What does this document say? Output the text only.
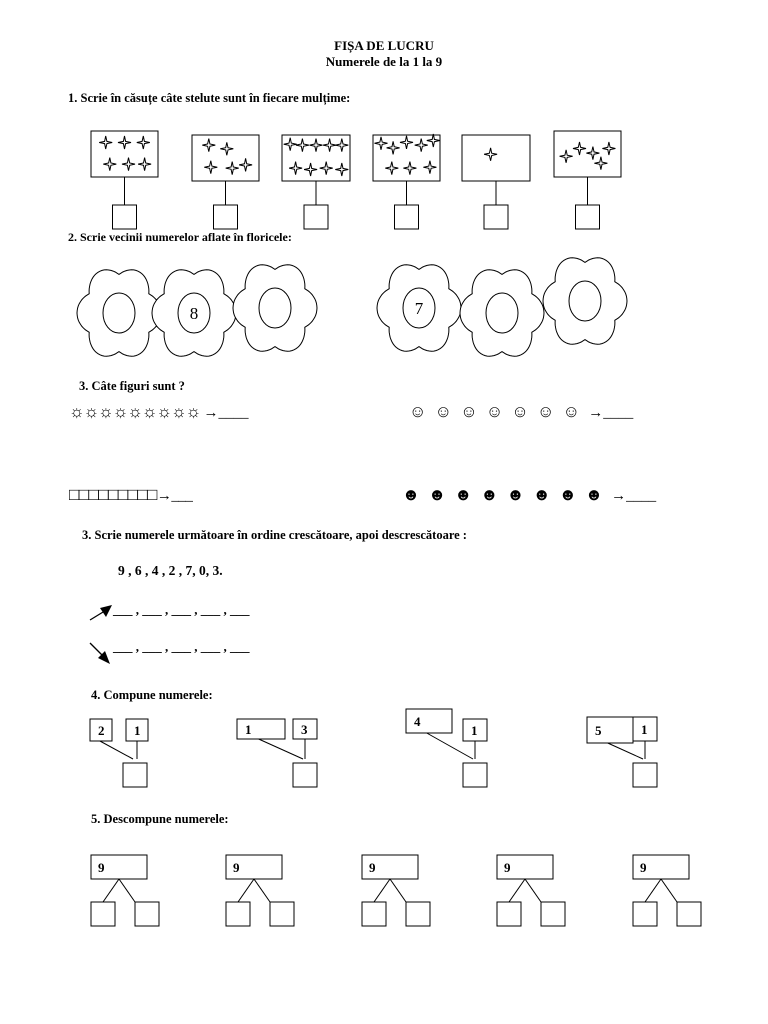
FIȘA DE LUCRU
Numerele de la 1 la 9
1. Scrie în căsuțe câte stelute sunt în fiecare mulțime:
2. Scrie vecinii numerelor aflate în floricele:
8	7
3. Câte figuri sunt ?
☼☼☼☼☼☼☼☼☼ →____	☺ ☺ ☺ ☺ ☺ ☺ ☺ →____
□□□□□□□□□→___	☻ ☻ ☻ ☻ ☻ ☻ ☻ ☻ →____
3. Scrie numerele următoare în ordine crescătoare, apoi descrescătoare :
9 , 6 , 4 , 2 , 7, 0, 3.
___ , ___ , ___ , ___ , ___
___ , ___ , ___ , ___ , ___
4. Compune numerele:
2 1	1	3
4
1	5	1
5. Descompune numerele:
9	9	9	9	9
